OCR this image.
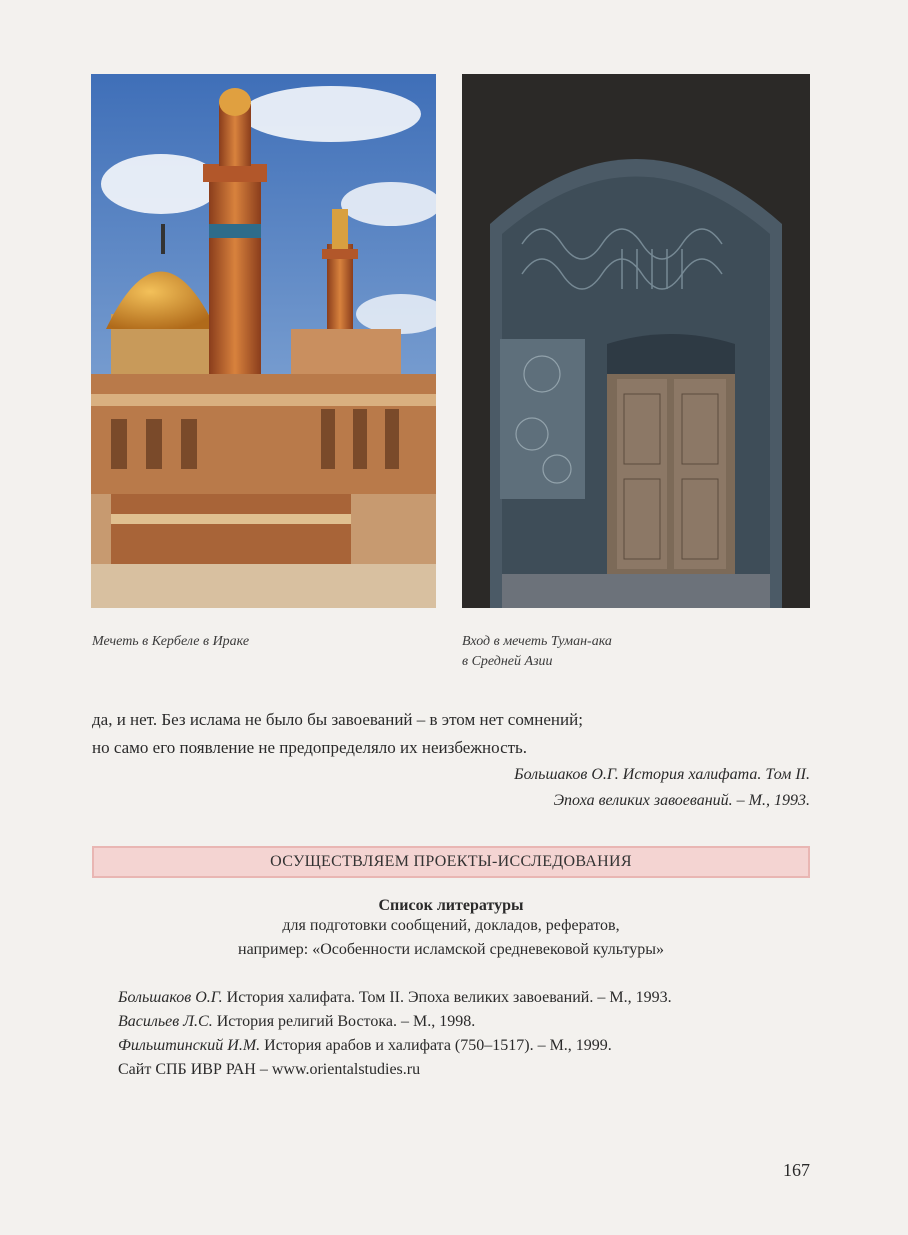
Мечеть в Кербеле в Ираке	Вход в мечеть Туман-ака
в Средней Азии

да, и нет. Без ислама не было бы завоеваний – в этом нет сомнений;

но само его появление не предопределяло их неизбежность.

Большаков О.Г. История халифата. Том II.
Эпоха великих завоеваний. – М., 1993.
ОСУЩЕСТВЛЯЕМ ПРОЕКТЫ-ИССЛЕДОВАНИЯ
Список литературы
для подготовки сообщений, докладов, рефератов,
например: «Особенности исламской средневековой культуры»

Большаков О.Г. История халифата. Том II. Эпоха великих завоеваний. – М., 1993.

Васильев Л.С. История религий Востока. – М., 1998.

Фильштинский И.М. История арабов и халифата (750–1517). – М., 1999.

Сайт СПБ ИВР РАН – www.orientalstudies.ru

167
